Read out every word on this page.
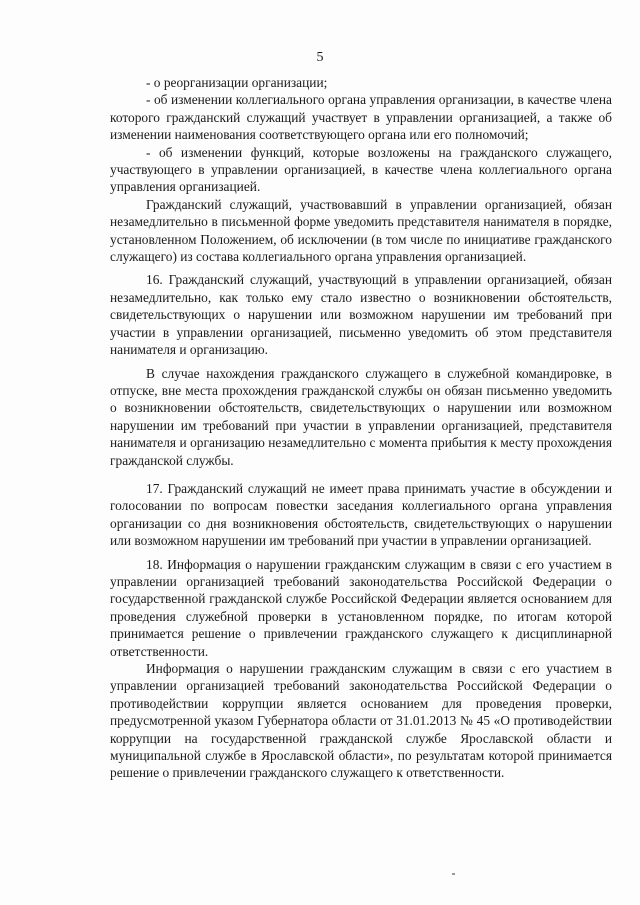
5

- о реорганизации организации;

- об изменении коллегиального органа управления организации, в качестве члена которого гражданский служащий участвует в управлении организацией, а также об изменении наименования соответствующего органа или его полномочий;

- об изменении функций, которые возложены на гражданского служащего, участвующего в управлении организацией, в качестве члена коллегиального органа управления организацией.

Гражданский служащий, участвовавший в управлении организацией, обязан незамедлительно в письменной форме уведомить представителя нанимателя в порядке, установленном Положением, об исключении (в том числе по инициативе гражданского служащего) из состава коллегиального органа управления организацией.

16. Гражданский служащий, участвующий в управлении организацией, обязан незамедлительно, как только ему стало известно о возникновении обстоятельств, свидетельствующих о нарушении или возможном нарушении им требований при участии в управлении организацией, письменно уведомить об этом представителя нанимателя и организацию.

В случае нахождения гражданского служащего в служебной командировке, в отпуске, вне места прохождения гражданской службы он обязан письменно уведомить о возникновении обстоятельств, свидетельствующих о нарушении или возможном нарушении им требований при участии в управлении организацией, представителя нанимателя и организацию незамедлительно с момента прибытия к месту прохождения гражданской службы.

17. Гражданский служащий не имеет права принимать участие в обсуждении и голосовании по вопросам повестки заседания коллегиального органа управления организации со дня возникновения обстоятельств, свидетельствующих о нарушении или возможном нарушении им требований при участии в управлении организацией.

18. Информация о нарушении гражданским служащим в связи с его участием в управлении организацией требований законодательства Российской Федерации о государственной гражданской службе Российской Федерации является основанием для проведения служебной проверки в установленном порядке, по итогам которой принимается решение о привлечении гражданского служащего к дисциплинарной ответственности.

Информация о нарушении гражданским служащим в связи с его участием в управлении организацией требований законодательства Российской Федерации о противодействии коррупции является основанием для проведения проверки, предусмотренной указом Губернатора области от 31.01.2013 № 45 «О противодействии коррупции на государственной гражданской службе Ярославской области и муниципальной службе в Ярославской области», по результатам которой принимается решение о привлечении гражданского служащего к ответственности.
